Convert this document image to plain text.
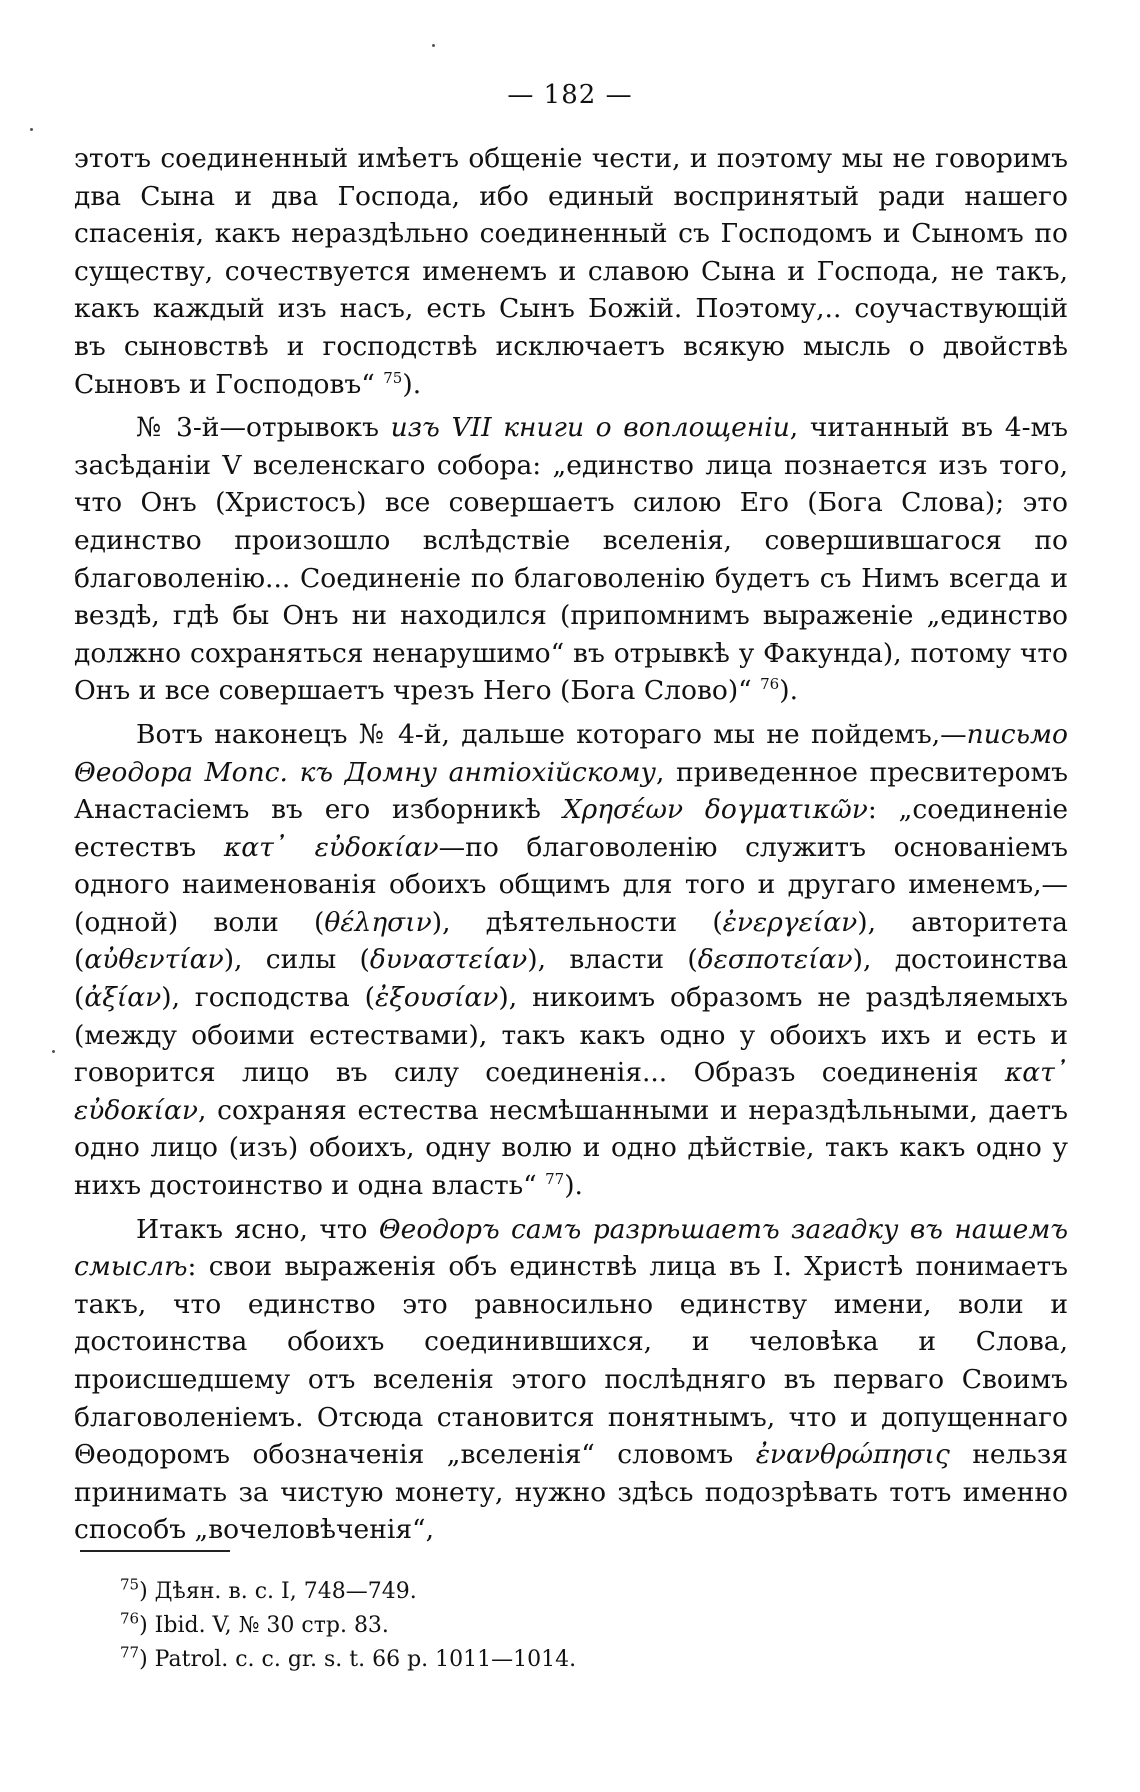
— 182 —

этотъ соединенный имѣетъ общеніе чести, и поэтому мы не говоримъ два Сына и два Господа, ибо единый воспринятый ради нашего спасенія, какъ нераздѣльно соединенный съ Господомъ и Сыномъ по существу, сочествуется именемъ и славою Сына и Господа, не такъ, какъ каждый изъ насъ, есть Сынъ Божій. Поэтому,.. соучаствующій въ сыновствѣ и господствѣ исключаетъ всякую мысль о двойствѣ Сыновъ и Господовъ“ $^{75}$).

№ 3-й—отрывокъ изъ VII книги о воплощеніи, читанный въ 4-мъ засѣданіи V вселенскаго собора: „единство лица познается изъ того, что Онъ (Христосъ) все совершаетъ силою Его (Бога Слова); это единство произошло вслѣдствіе вселенія, совершившагося по благоволенію... Соединеніе по благоволенію будетъ съ Нимъ всегда и вездѣ, гдѣ бы Онъ ни находился (припомнимъ выраженіе „единство должно сохраняться ненарушимо“ въ отрывкѣ у Факунда), потому что Онъ и все совершаетъ чрезъ Него (Бога Слово)“ $^{76}$).

Вотъ наконецъ № 4-й, дальше котораго мы не пойдемъ,—письмо Θеодора Мопс. къ Домну антіохійскому, приведенное пресвитеромъ Анастасіемъ въ его изборникѣ Χρησέων δογματικῶν: „соединеніе естествъ κατ᾽ εὐδοκίαν—по благоволенію служитъ основаніемъ одного наименованія обоихъ общимъ для того и другаго именемъ,—(одной) воли (θέλησιν), дѣятельности (ἐνεργείαν), авторитета (αὐθεντίαν), силы (δυναστείαν), власти (δεσποτείαν), достоинства (ἀξίαν), господства (ἐξουσίαν), никоимъ образомъ не раздѣляемыхъ (между обоими естествами), такъ какъ одно у обоихъ ихъ и есть и говорится лицо въ силу соединенія... Образъ соединенія κατ᾽ εὐδοκίαν, сохраняя естества несмѣшанными и нераздѣльными, даетъ одно лицо (изъ) обоихъ, одну волю и одно дѣйствіе, такъ какъ одно у нихъ достоинство и одна власть“ $^{77}$).

Итакъ ясно, что Θеодоръ самъ разрѣшаетъ загадку въ нашемъ смыслѣ: свои выраженія объ единствѣ лица въ І. Христѣ понимаетъ такъ, что единство это равносильно единству имени, воли и достоинства обоихъ соединившихся, и человѣка и Слова, происшедшему отъ вселенія этого послѣдняго въ перваго Своимъ благоволеніемъ. Отсюда становится понятнымъ, что и допущеннаго Θеодоромъ обозначенія „вселенія“ словомъ ἐνανθρώπησις нельзя принимать за чистую монету, нужно здѣсь подозрѣвать тотъ именно способъ „вочеловѣченія“,

$^{75}$) Дѣян. в. с. І, 748—749.
$^{76}$) Ibid. V, № 30 стр. 83.
$^{77}$) Patrol. c. c. gr. s. t. 66 p. 1011—1014.
